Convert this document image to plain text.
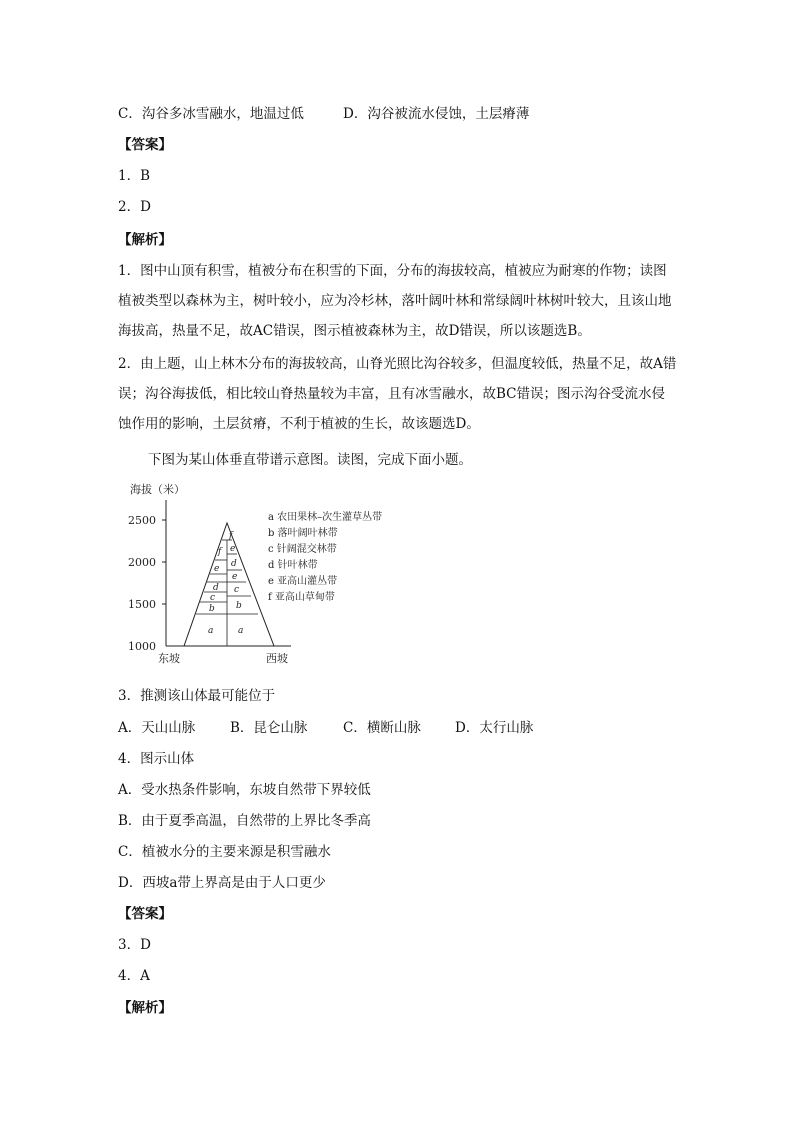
C．沟谷多冰雪融水，地温过低	D．沟谷被流水侵蚀，土层瘠薄
【答案】
1．B
2．D
【解析】
1．图中山顶有积雪，植被分布在积雪的下面，分布的海拔较高，植被应为耐寒的作物；读图植被类型以森林为主，树叶较小，应为冷杉林，落叶阔叶林和常绿阔叶林树叶较大，且该山地海拔高，热量不足，故AC错误，图示植被森林为主，故D错误，所以该题选B。
2．由上题，山上林木分布的海拔较高，山脊光照比沟谷较多，但温度较低，热量不足，故A错误；沟谷海拔低，相比较山脊热量较为丰富，且有冰雪融水，故BC错误；图示沟谷受流水侵蚀作用的影响，土层贫瘠，不利于植被的生长，故该题选D。
下图为某山体垂直带谱示意图。读图，完成下面小题。
海拔（米）
2500
2000
1500
1000
a
b
c
d
e
f
a
b
c
e
d
e
f
a 农田果林–次生灌草丛带
b 落叶阔叶林带
c 针阔混交林带
d 针叶林带
e 亚高山灌丛带
f 亚高山草甸带
东坡	西坡
3．推测该山体最可能位于
A．天山山脉	B．昆仑山脉	C．横断山脉	D．太行山脉
4．图示山体
A．受水热条件影响，东坡自然带下界较低
B．由于夏季高温，自然带的上界比冬季高
C．植被水分的主要来源是积雪融水
D．西坡a带上界高是由于人口更少
【答案】
3．D
4．A
【解析】
